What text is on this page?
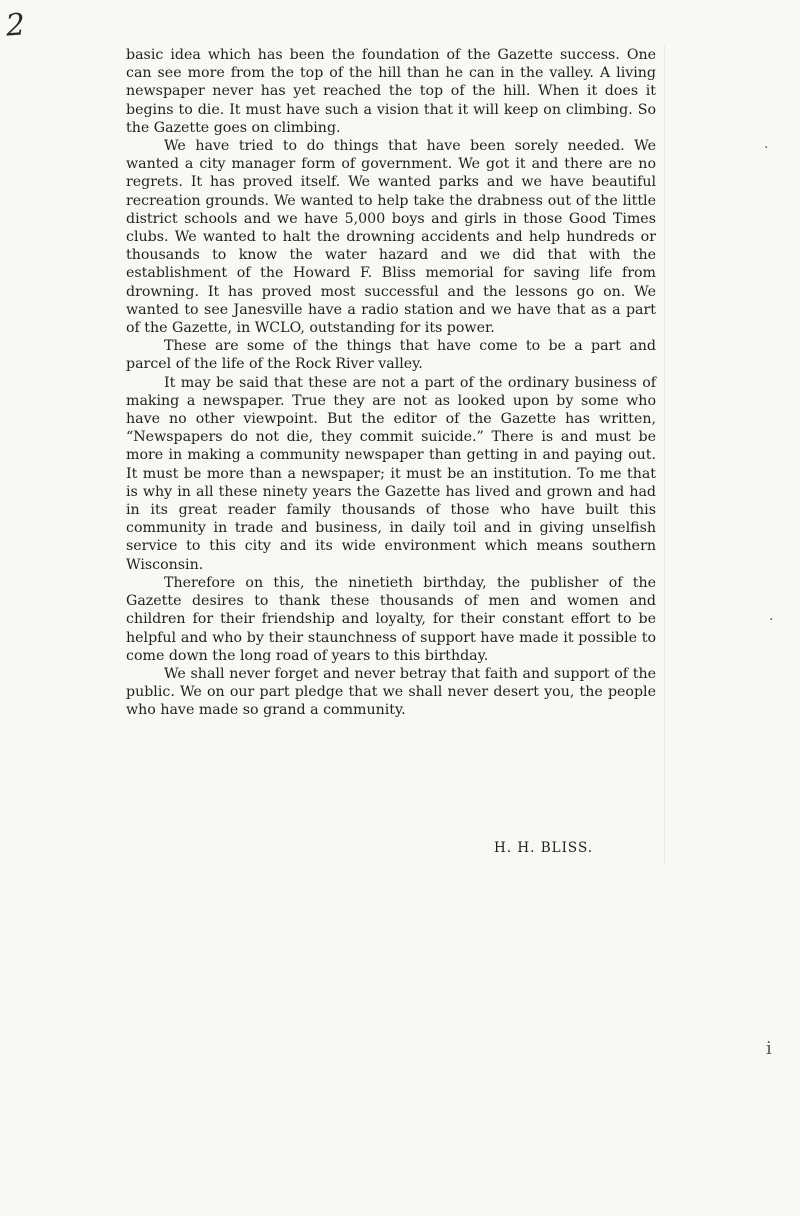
2

basic idea which has been the foundation of the Gazette success. One can see more from the top of the hill than he can in the valley. A living newspaper never has yet reached the top of the hill. When it does it begins to die. It must have such a vision that it will keep on climbing. So the Gazette goes on climbing.

We have tried to do things that have been sorely needed. We wanted a city manager form of government. We got it and there are no regrets. It has proved itself. We wanted parks and we have beautiful recreation grounds. We wanted to help take the drabness out of the little district schools and we have 5,000 boys and girls in those Good Times clubs. We wanted to halt the drowning accidents and help hundreds or thousands to know the water hazard and we did that with the establishment of the Howard F. Bliss memorial for saving life from drowning. It has proved most successful and the lessons go on. We wanted to see Janesville have a radio station and we have that as a part of the Gazette, in WCLO, outstanding for its power.

These are some of the things that have come to be a part and parcel of the life of the Rock River valley.

It may be said that these are not a part of the ordinary business of making a newspaper. True they are not as looked upon by some who have no other viewpoint. But the editor of the Gazette has written, “Newspapers do not die, they commit suicide.” There is and must be more in making a community newspaper than getting in and paying out. It must be more than a newspaper; it must be an institution. To me that is why in all these ninety years the Gazette has lived and grown and had in its great reader family thousands of those who have built this community in trade and business, in daily toil and in giving unselfish service to this city and its wide environment which means southern Wisconsin.

Therefore on this, the ninetieth birthday, the publisher of the Gazette desires to thank these thousands of men and women and children for their friendship and loyalty, for their constant effort to be helpful and who by their staunchness of support have made it possible to come down the long road of years to this birthday.

We shall never forget and never betray that faith and support of the public. We on our part pledge that we shall never desert you, the people who have made so grand a community.

H. H. BLISS.
·
·
ⅰ
